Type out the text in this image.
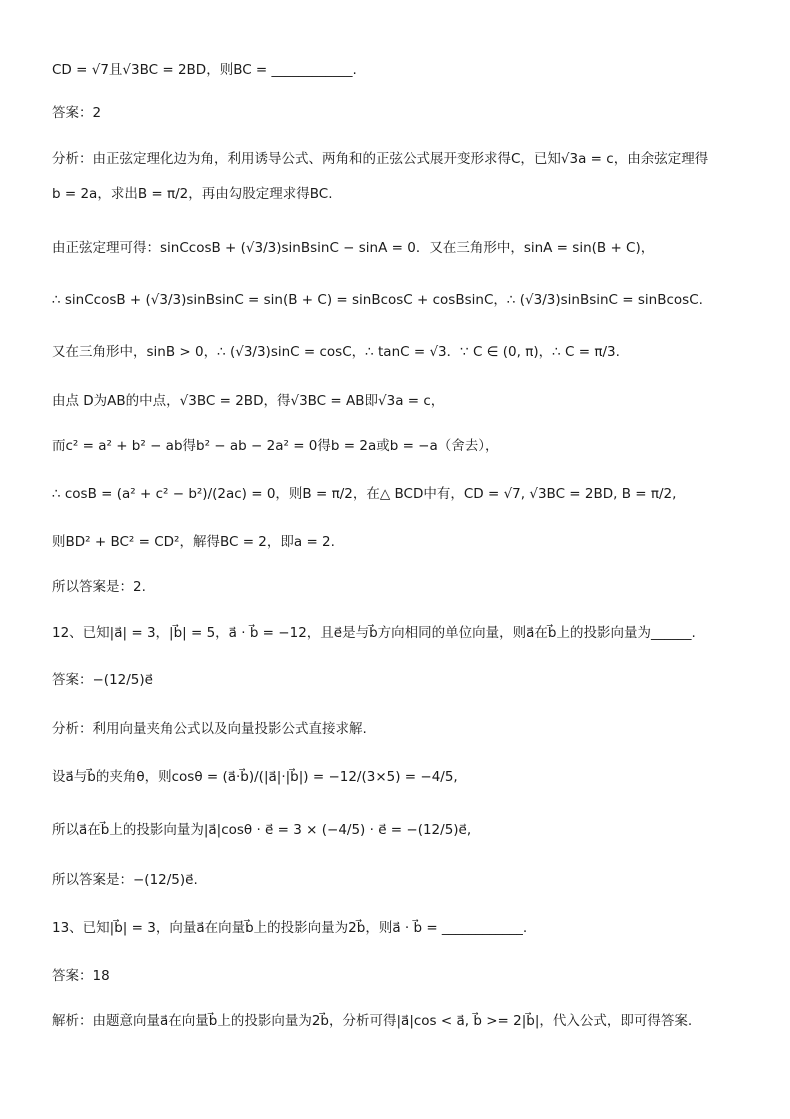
CD = √7且√3BC = 2BD，则BC = ____________.
答案：2
分析：由正弦定理化边为角，利用诱导公式、两角和的正弦公式展开变形求得C，已知√3a = c，由余弦定理得
b = 2a，求出B = π/2，再由勾股定理求得BC.
由正弦定理可得：sinCcosB + (√3/3)sinBsinC − sinA = 0．又在三角形中，sinA = sin(B + C)，
∴ sinCcosB + (√3/3)sinBsinC = sin(B + C) = sinBcosC + cosBsinC，∴ (√3/3)sinBsinC = sinBcosC.
又在三角形中，sinB > 0，∴ (√3/3)sinC = cosC，∴ tanC = √3．∵ C ∈ (0, π)，∴ C = π/3.
由点 D为AB的中点，√3BC = 2BD，得√3BC = AB即√3a = c，
而c² = a² + b² − ab得b² − ab − 2a² = 0得b = 2a或b = −a（舍去），
∴ cosB = (a² + c² − b²)/(2ac) = 0，则B = π/2，在△ BCD中有，CD = √7, √3BC = 2BD, B = π/2,
则BD² + BC² = CD²，解得BC = 2，即a = 2.
所以答案是：2.
12、已知|a⃗| = 3，|b⃗| = 5，a⃗ · b⃗ = −12，且e⃗是与b⃗方向相同的单位向量，则a⃗在b⃗上的投影向量为______.
答案：−(12/5)e⃗
分析：利用向量夹角公式以及向量投影公式直接求解.
设a⃗与b⃗的夹角θ，则cosθ = (a⃗·b⃗)/(|a⃗|·|b⃗|) = −12/(3×5) = −4/5,
所以a⃗在b⃗上的投影向量为|a⃗|cosθ · e⃗ = 3 × (−4/5) · e⃗ = −(12/5)e⃗,
所以答案是：−(12/5)e⃗.
13、已知|b⃗| = 3，向量a⃗在向量b⃗上的投影向量为2b⃗，则a⃗ · b⃗ = ____________.
答案：18
解析：由题意向量a⃗在向量b⃗上的投影向量为2b⃗，分析可得|a⃗|cos < a⃗, b⃗ >= 2|b⃗|，代入公式，即可得答案.
